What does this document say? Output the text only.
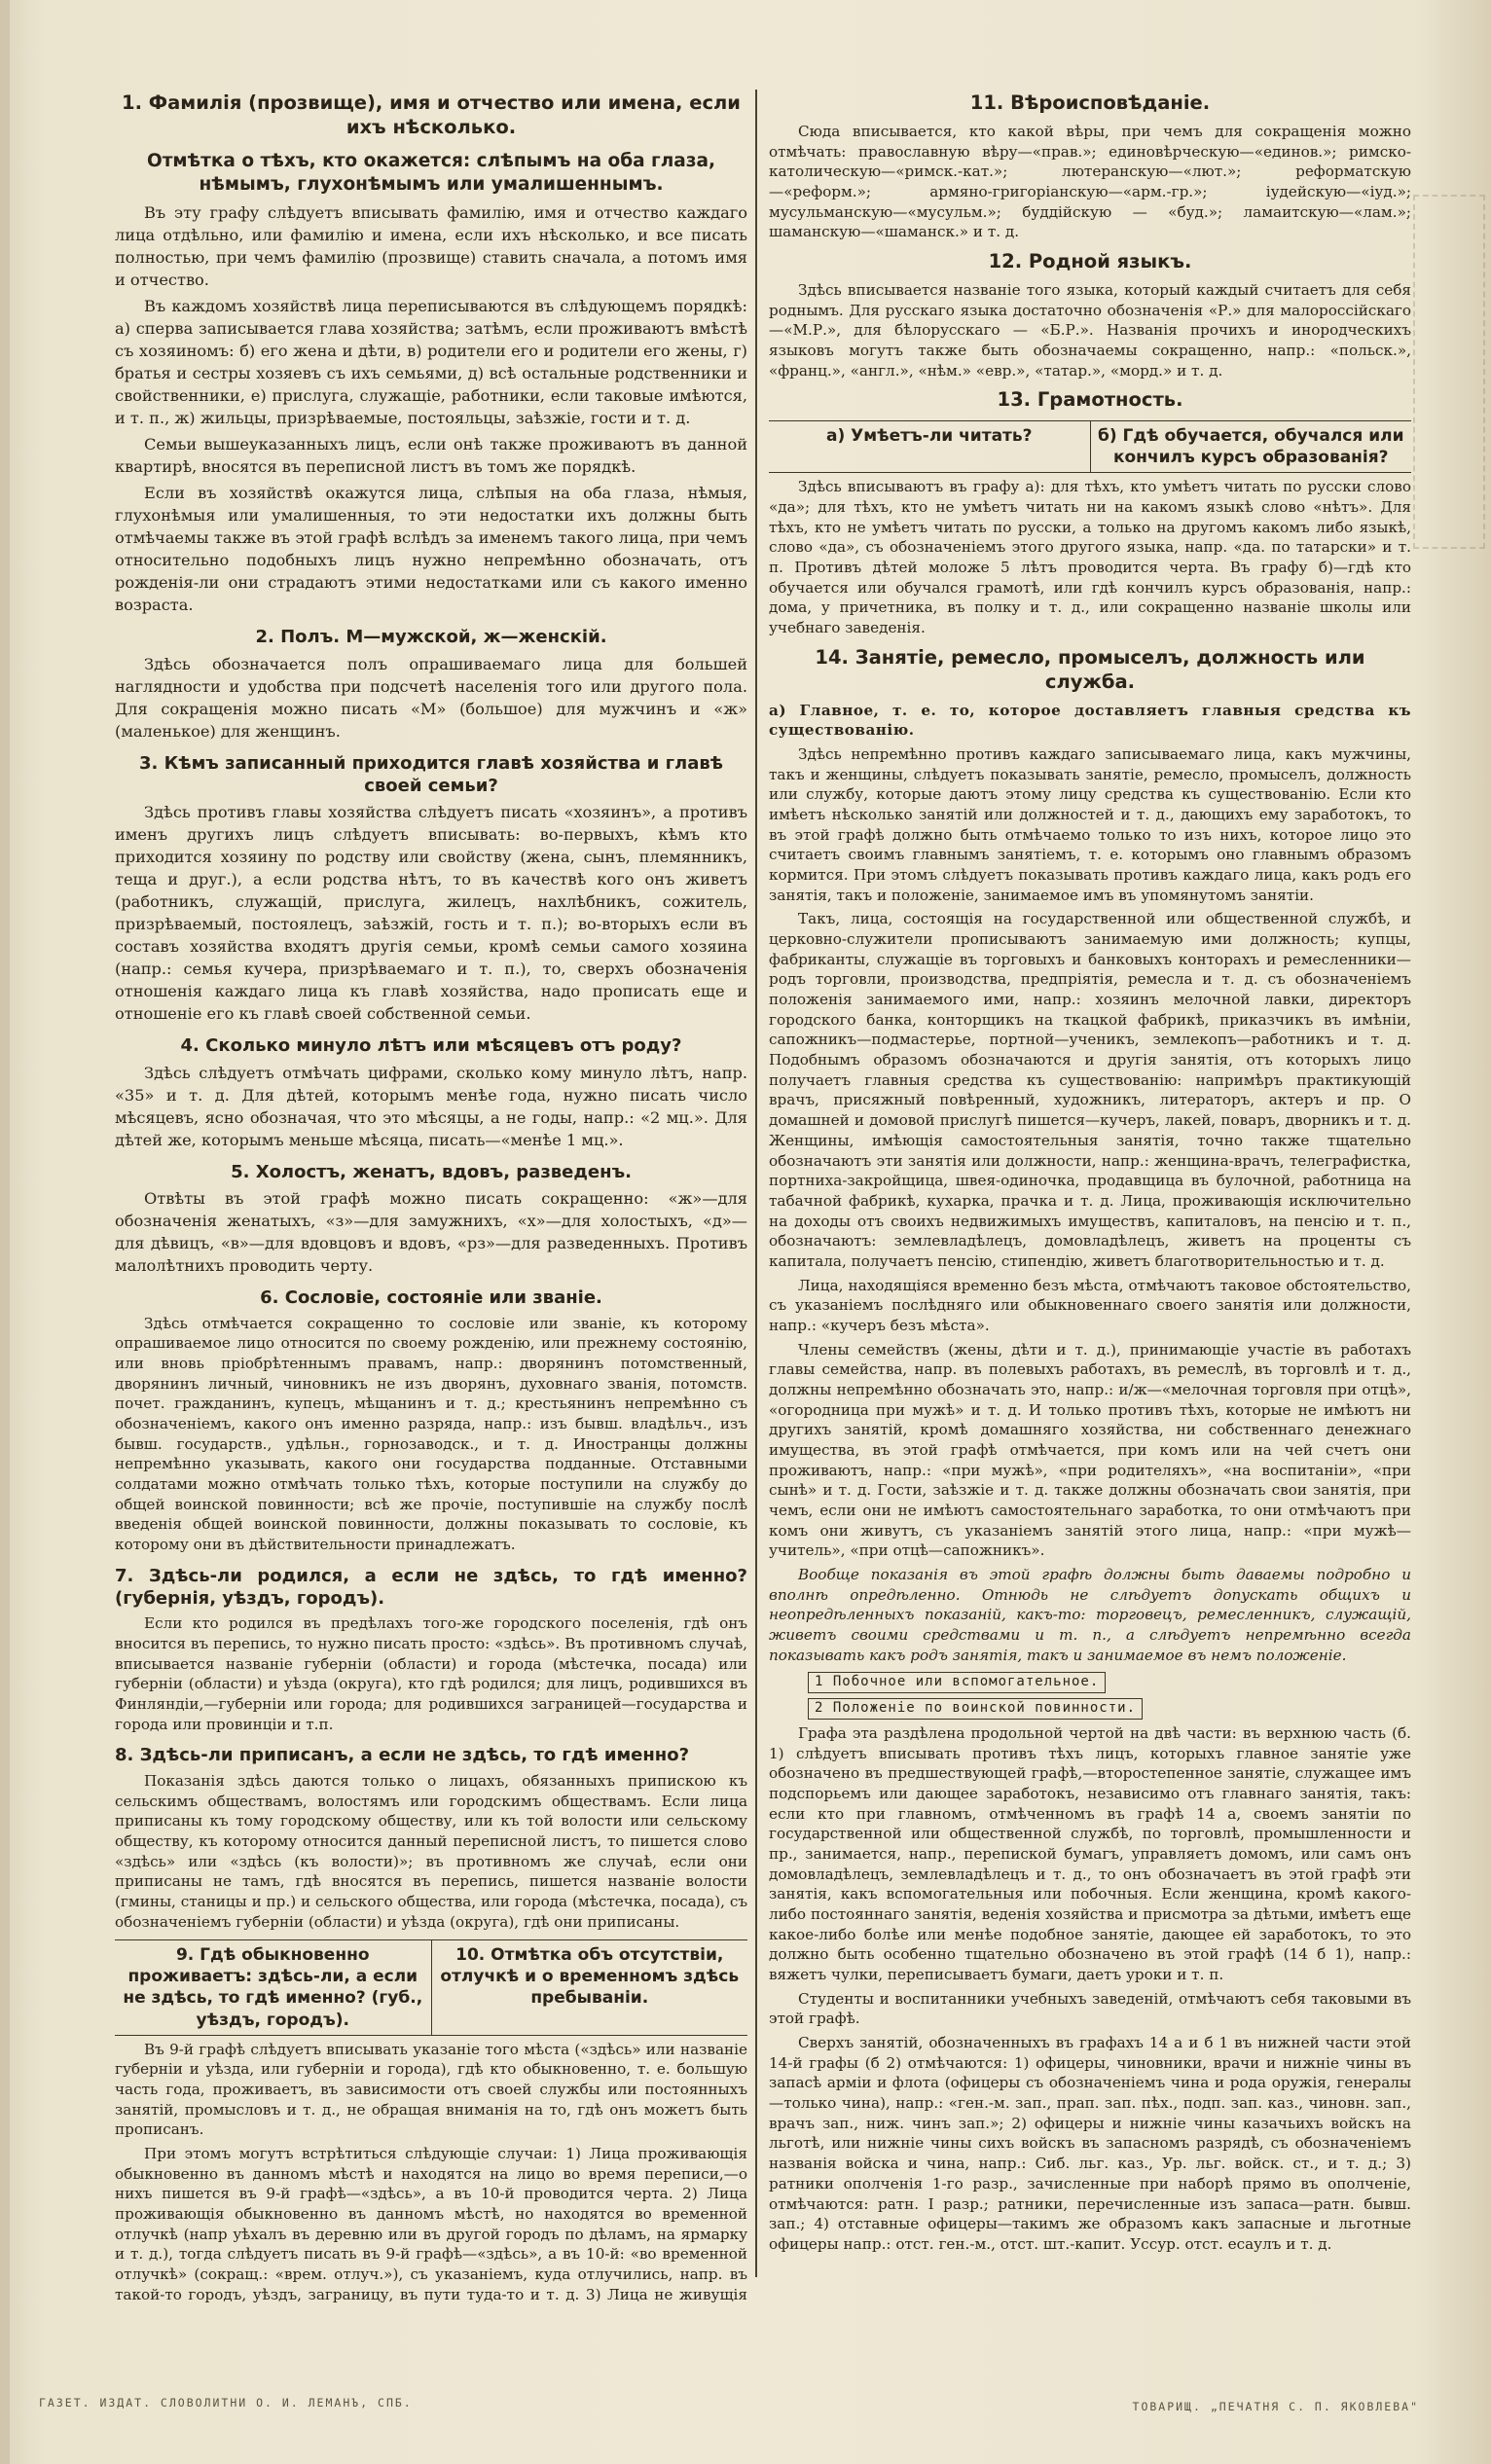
1. Фамилія (прозвище), имя и отчество или имена, если ихъ нѣсколько.
Отмѣтка о тѣхъ, кто окажется: слѣпымъ на оба глаза, нѣмымъ, глухонѣмымъ или умалишеннымъ.

Въ эту графу слѣдуетъ вписывать фамилію, имя и отчество каждаго лица отдѣльно, или фамилію и имена, если ихъ нѣсколько, и все писать полностью, при чемъ фамилію (прозвище) ставить сначала, а потомъ имя и отчество.

Въ каждомъ хозяйствѣ лица переписываются въ слѣдующемъ порядкѣ: а) сперва записывается глава хозяйства; затѣмъ, если проживаютъ вмѣстѣ съ хозяиномъ: б) его жена и дѣти, в) родители его и родители его жены, г) братья и сестры хозяевъ съ ихъ семьями, д) всѣ остальные родственники и свойственники, е) прислуга, служащіе, работники, если таковые имѣются, и т. п., ж) жильцы, призрѣваемые, постояльцы, заѣзжіе, гости и т. д.

Семьи вышеуказанныхъ лицъ, если онѣ также проживаютъ въ данной квартирѣ, вносятся въ переписной листъ въ томъ же порядкѣ.

Если въ хозяйствѣ окажутся лица, слѣпыя на оба глаза, нѣмыя, глухонѣмыя или умалишенныя, то эти недостатки ихъ должны быть отмѣчаемы также въ этой графѣ вслѣдъ за именемъ такого лица, при чемъ относительно подобныхъ лицъ нужно непремѣнно обозначать, отъ рожденія-ли они страдаютъ этими недостатками или съ какого именно возраста.

2. Полъ. М—мужской, ж—женскій.

Здѣсь обозначается полъ опрашиваемаго лица для большей наглядности и удобства при подсчетѣ населенія того или другого пола. Для сокращенія можно писать «М» (большое) для мужчинъ и «ж» (маленькое) для женщинъ.

3. Кѣмъ записанный приходится главѣ хозяйства и главѣ своей семьи?

Здѣсь противъ главы хозяйства слѣдуетъ писать «хозяинъ», а противъ именъ другихъ лицъ слѣдуетъ вписывать: во-первыхъ, кѣмъ кто приходится хозяину по родству или свойству (жена, сынъ, племянникъ, теща и друг.), а если родства нѣтъ, то въ качествѣ кого онъ живетъ (работникъ, служащій, прислуга, жилецъ, нахлѣбникъ, сожитель, призрѣваемый, постоялецъ, заѣзжій, гость и т. п.); во-вторыхъ если въ составъ хозяйства входятъ другія семьи, кромѣ семьи самого хозяина (напр.: семья кучера, призрѣваемаго и т. п.), то, сверхъ обозначенія отношенія каждаго лица къ главѣ хозяйства, надо прописать еще и отношеніе его къ главѣ своей собственной семьи.

4. Сколько минуло лѣтъ или мѣсяцевъ отъ роду?

Здѣсь слѣдуетъ отмѣчать цифрами, сколько кому минуло лѣтъ, напр. «35» и т. д. Для дѣтей, которымъ менѣе года, нужно писать число мѣсяцевъ, ясно обозначая, что это мѣсяцы, а не годы, напр.: «2 мц.». Для дѣтей же, которымъ меньше мѣсяца, писать—«менѣе 1 мц.».

5. Холостъ, женатъ, вдовъ, разведенъ.

Отвѣты въ этой графѣ можно писать сокращенно: «ж»—для обозначенія женатыхъ, «з»—для замужнихъ, «х»—для холостыхъ, «д»—для дѣвицъ, «в»—для вдовцовъ и вдовъ, «рз»—для разведенныхъ. Противъ малолѣтнихъ проводить черту.

6. Сословіе, состояніе или званіе.

Здѣсь отмѣчается сокращенно то сословіе или званіе, къ которому опрашиваемое лицо относится по своему рожденію, или прежнему состоянію, или вновь пріобрѣтеннымъ правамъ, напр.: дворянинъ потомственный, дворянинъ личный, чиновникъ не изъ дворянъ, духовнаго званія, потомств. почет. гражданинъ, купецъ, мѣщанинъ и т. д.; крестьянинъ непремѣнно съ обозначеніемъ, какого онъ именно разряда, напр.: изъ бывш. владѣльч., изъ бывш. государств., удѣльн., горнозаводск., и т. д. Иностранцы должны непремѣнно указывать, какого они государства подданные. Отставными солдатами можно отмѣчать только тѣхъ, которые поступили на службу до общей воинской повинности; всѣ же прочіе, поступившіе на службу послѣ введенія общей воинской повинности, должны показывать то сословіе, къ которому они въ дѣйствительности принадлежатъ.

7. Здѣсь-ли родился, а если не здѣсь, то гдѣ именно? (губернія, уѣздъ, городъ).

Если кто родился въ предѣлахъ того-же городского поселенія, гдѣ онъ вносится въ перепись, то нужно писать просто: «здѣсь». Въ противномъ случаѣ, вписывается названіе губерніи (области) и города (мѣстечка, посада) или губерніи (области) и уѣзда (округа), кто гдѣ родился; для лицъ, родившихся въ Финляндіи,—губерніи или города; для родившихся заграницей—государства и города или провинціи и т.п.

8. Здѣсь-ли приписанъ, а если не здѣсь, то гдѣ именно?

Показанія здѣсь даются только о лицахъ, обязанныхъ припискою къ сельскимъ обществамъ, волостямъ или городскимъ обществамъ. Если лица приписаны къ тому городскому обществу, или къ той волости или сельскому обществу, къ которому относится данный переписной листъ, то пишется слово «здѣсь» или «здѣсь (къ волости)»; въ противномъ же случаѣ, если они приписаны не тамъ, гдѣ вносятся въ перепись, пишется названіе волости (гмины, станицы и пр.) и сельского общества, или города (мѣстечка, посада), съ обозначеніемъ губерніи (области) и уѣзда (округа), гдѣ они приписаны.

9. Гдѣ обыкновенно проживаетъ: здѣсь-ли, а если не здѣсь, то гдѣ именно? (губ., уѣздъ, городъ).
10. Отмѣтка объ отсутствіи, отлучкѣ и о временномъ здѣсь пребываніи.

Въ 9-й графѣ слѣдуетъ вписывать указаніе того мѣста («здѣсь» или названіе губерніи и уѣзда, или губерніи и города), гдѣ кто обыкновенно, т. е. большую часть года, проживаетъ, въ зависимости отъ своей службы или постоянныхъ занятій, промысловъ и т. д., не обращая вниманія на то, гдѣ онъ можетъ быть прописанъ.

При этомъ могутъ встрѣтиться слѣдующіе случаи: 1) Лица проживающія обыкновенно въ данномъ мѣстѣ и находятся на лицо во время переписи,—о нихъ пишется въ 9-й графѣ—«здѣсь», а въ 10-й проводится черта. 2) Лица проживающія обыкновенно въ данномъ мѣстѣ, но находятся во временной отлучкѣ (напр уѣхалъ въ деревню или въ другой городъ по дѣламъ, на ярмарку и т. д.), тогда слѣдуетъ писать въ 9-й графѣ—«здѣсь», а въ 10-й: «во временной отлучкѣ» (сокращ.: «врем. отлуч.»), съ указаніемъ, куда отлучились, напр. въ такой-то городъ, уѣздъ, заграницу, въ пути туда-то и т. д. 3) Лица не живущія

11. Вѣроисповѣданіе.

Сюда вписывается, кто какой вѣры, при чемъ для сокращенія можно отмѣчать: православную вѣру—«прав.»; единовѣрческую—«единов.»; римско-католическую—«римск.-кат.»; лютеранскую—«лют.»; реформатскую—«реформ.»; армяно-григоріанскую—«арм.-гр.»; іудейскую—«іуд.»; мусульманскую—«мусульм.»; буддійскую — «буд.»; ламаитскую—«лам.»; шаманскую—«шаманск.» и т. д.

12. Родной языкъ.

Здѣсь вписывается названіе того языка, который каждый считаетъ для себя роднымъ. Для русскаго языка достаточно обозначенія «Р.» для малороссійскаго—«М.Р.», для бѣлорусскаго — «Б.Р.». Названія прочихъ и инородческихъ языковъ могутъ также быть обозначаемы сокращенно, напр.: «польск.», «франц.», «англ.», «нѣм.» «евр.», «татар.», «морд.» и т. д.

13. Грамотность.
а) Умѣетъ-ли читать?	б) Гдѣ обучается, обучался или кончилъ курсъ образованія?

Здѣсь вписываютъ въ графу а): для тѣхъ, кто умѣетъ читать по русски слово «да»; для тѣхъ, кто не умѣетъ читать ни на какомъ языкѣ слово «нѣтъ». Для тѣхъ, кто не умѣетъ читать по русски, а только на другомъ какомъ либо языкѣ, слово «да», съ обозначеніемъ этого другого языка, напр. «да. по татарски» и т. п. Противъ дѣтей моложе 5 лѣтъ проводится черта. Въ графу б)—гдѣ кто обучается или обучался грамотѣ, или гдѣ кончилъ курсъ образованія, напр.: дома, у причетника, въ полку и т. д., или сокращенно названіе школы или учебнаго заведенія.

14. Занятіе, ремесло, промыселъ, должность или служба.

а) Главное, т. е. то, которое доставляетъ главныя средства къ существованію.

Здѣсь непремѣнно противъ каждаго записываемаго лица, какъ мужчины, такъ и женщины, слѣдуетъ показывать занятіе, ремесло, промыселъ, должность или службу, которые даютъ этому лицу средства къ существованію. Если кто имѣетъ нѣсколько занятій или должностей и т. д., дающихъ ему заработокъ, то въ этой графѣ должно быть отмѣчаемо только то изъ нихъ, которое лицо это считаетъ своимъ главнымъ занятіемъ, т. е. которымъ оно главнымъ образомъ кормится. При этомъ слѣдуетъ показывать противъ каждаго лица, какъ родъ его занятія, такъ и положеніе, занимаемое имъ въ упомянутомъ занятіи.

Такъ, лица, состоящія на государственной или общественной службѣ, и церковно-служители прописываютъ занимаемую ими должность; купцы, фабриканты, служащіе въ торговыхъ и банковыхъ конторахъ и ремесленники—родъ торговли, производства, предпріятія, ремесла и т. д. съ обозначеніемъ положенія занимаемого ими, напр.: хозяинъ мелочной лавки, директоръ городского банка, конторщикъ на ткацкой фабрикѣ, приказчикъ въ имѣніи, сапожникъ—подмастерье, портной—ученикъ, землекопъ—работникъ и т. д. Подобнымъ образомъ обозначаются и другія занятія, отъ которыхъ лицо получаетъ главныя средства къ существованію: напримѣръ практикующій врачъ, присяжный повѣренный, художникъ, литераторъ, актеръ и пр. О домашней и домовой прислугѣ пишется—кучеръ, лакей, поваръ, дворникъ и т. д. Женщины, имѣющія самостоятельныя занятія, точно также тщательно обозначаютъ эти занятія или должности, напр.: женщина-врачъ, телеграфистка, портниха-закройщица, швея-одиночка, продавщица въ булочной, работница на табачной фабрикѣ, кухарка, прачка и т. д. Лица, проживающія исключительно на доходы отъ своихъ недвижимыхъ имуществъ, капиталовъ, на пенсію и т. п., обозначаютъ: землевладѣлецъ, домовладѣлецъ, живетъ на проценты съ капитала, получаетъ пенсію, стипендію, живетъ благотворительностью и т. д.

Лица, находящіяся временно безъ мѣста, отмѣчаютъ таковое обстоятельство, съ указаніемъ послѣдняго или обыкновеннаго своего занятія или должности, напр.: «кучеръ безъ мѣста».

Члены семействъ (жены, дѣти и т. д.), принимающіе участіе въ работахъ главы семейства, напр. въ полевыхъ работахъ, въ ремеслѣ, въ торговлѣ и т. д., должны непремѣнно обозначать это, напр.: и/ж—«мелочная торговля при отцѣ», «огородница при мужѣ» и т. д. И только противъ тѣхъ, которые не имѣютъ ни другихъ занятій, кромѣ домашняго хозяйства, ни собственнаго денежнаго имущества, въ этой графѣ отмѣчается, при комъ или на чей счетъ они проживаютъ, напр.: «при мужѣ», «при родителяхъ», «на воспитаніи», «при сынѣ» и т. д. Гости, заѣзжіе и т. д. также должны обозначать свои занятія, при чемъ, если они не имѣютъ самостоятельнаго заработка, то они отмѣчаютъ при комъ они живутъ, съ указаніемъ занятій этого лица, напр.: «при мужѣ—учитель», «при отцѣ—сапожникъ».

Вообще показанія въ этой графѣ должны быть даваемы подробно и вполнѣ опредѣленно. Отнюдь не слѣдуетъ допускать общихъ и неопредѣленныхъ показаній, какъ-то: торговецъ, ремесленникъ, служащій, живетъ своими средствами и т. п., а слѣдуетъ непремѣнно всегда показывать какъ родъ занятія, такъ и занимаемое въ немъ положеніе.

1 Побочное или вспомогательное.
2 Положеніе по воинской повинности.

Графа эта раздѣлена продольной чертой на двѣ части: въ верхнюю часть (б. 1) слѣдуетъ вписывать противъ тѣхъ лицъ, которыхъ главное занятіе уже обозначено въ предшествующей графѣ,—второстепенное занятіе, служащее имъ подспорьемъ или дающее заработокъ, независимо отъ главнаго занятія, такъ: если кто при главномъ, отмѣченномъ въ графѣ 14 а, своемъ занятіи по государственной или общественной службѣ, по торговлѣ, промышленности и пр., занимается, напр., перепиской бумагъ, управляетъ домомъ, или самъ онъ домовладѣлецъ, землевладѣлецъ и т. д., то онъ обозначаетъ въ этой графѣ эти занятія, какъ вспомогательныя или побочныя. Если женщина, кромѣ какого-либо постояннаго занятія, веденія хозяйства и присмотра за дѣтьми, имѣетъ еще какое-либо болѣе или менѣе подобное занятіе, дающее ей заработокъ, то это должно быть особенно тщательно обозначено въ этой графѣ (14 б 1), напр.: вяжетъ чулки, переписываетъ бумаги, даетъ уроки и т. п.

Студенты и воспитанники учебныхъ заведеній, отмѣчаютъ себя таковыми въ этой графѣ.

Сверхъ занятій, обозначенныхъ въ графахъ 14 а и б 1 въ нижней части этой 14-й графы (б 2) отмѣчаются: 1) офицеры, чиновники, врачи и нижніе чины въ запасѣ арміи и флота (офицеры съ обозначеніемъ чина и рода оружія, генералы—только чина), напр.: «ген.-м. зап., прап. зап. пѣх., подп. зап. каз., чиновн. зап., врачъ зап., ниж. чинъ зап.»; 2) офицеры и нижніе чины казачьихъ войскъ на льготѣ, или нижніе чины сихъ войскъ въ запасномъ разрядѣ, съ обозначеніемъ названія войска и чина, напр.: Сиб. льг. каз., Ур. льг. войск. ст., и т. д.; 3) ратники ополченія 1-го разр., зачисленные при наборѣ прямо въ ополченіе, отмѣчаются: ратн. I разр.; ратники, перечисленные изъ запаса—ратн. бывш. зап.; 4) отставные офицеры—такимъ же образомъ какъ запасные и льготные офицеры напр.: отст. ген.-м., отст. шт.-капит. Уссур. отст. есаулъ и т. д.

ГАЗЕТ. ИЗДАТ. СЛОВОЛИТНИ О. И. ЛЕМАНЪ, СПБ.	ТОВАРИЩ. „ПЕЧАТНЯ С. П. ЯКОВЛЕВА"
